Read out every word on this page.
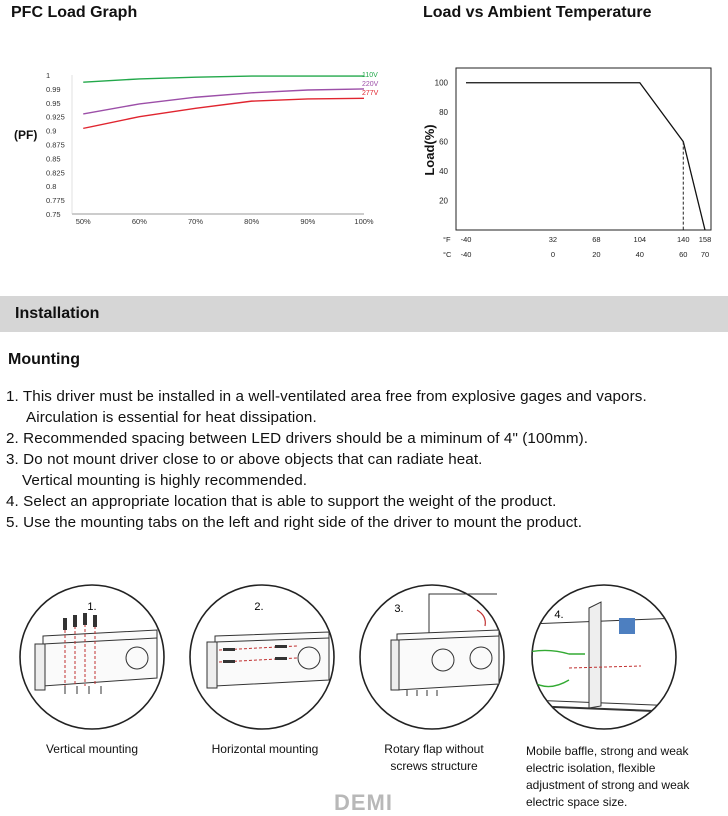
PFC Load Graph
(PF)
1
0.99
0.95
0.925
0.9
0.875
0.85
0.825
0.8
0.775
0.75
50%	60%	70%	80%	90%	100%
110V
220V
277V
Load vs Ambient Temperature
100
80
60
40
20
Load(%)
°F
°C
-40	32	68	104	140 158
-40	0	20	40	60 70
Installation
Mounting
1. This driver must be installed in a well-ventilated area free from explosive gages and vapors.
Airculation is essential for heat dissipation.
2. Recommended spacing between LED drivers should be a miminum of 4" (100mm).
3. Do not mount driver close to or above objects that can radiate heat.
Vertical mounting is highly recommended.
4. Select an appropriate location that is able to support the weight of the product.
5. Use the mounting tabs on the left and right side of the driver to mount the product.
1.
Vertical mounting
2.
Horizontal mounting
3.
Rotary flap without screws structure
4.
Mobile baffle, strong and weak electric isolation, flexible adjustment of strong and weak electric space size.
DEMI
